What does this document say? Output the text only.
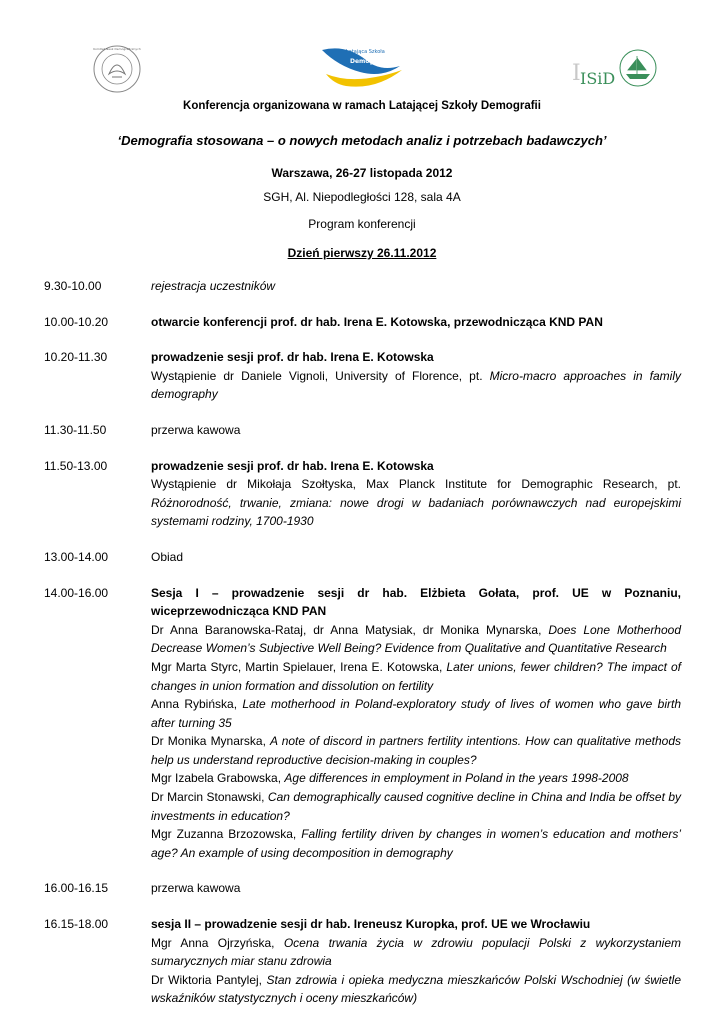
Komitet Nauk Demograficznych	Latająca Szkoła
Demografii	I ISiD
Konferencja organizowana w ramach Latającej Szkoły Demografii
‘Demografia stosowana – o nowych metodach analiz i potrzebach badawczych’
Warszawa, 26-27 listopada 2012
SGH, Al. Niepodległości 128, sala 4A
Program konferencji
Dzień pierwszy 26.11.2012
9.30-10.00	rejestracja uczestników
10.00-10.20	otwarcie konferencji prof. dr hab. Irena E. Kotowska, przewodnicząca KND PAN
10.20-11.30	prowadzenie sesji prof. dr hab. Irena E. Kotowska

Wystąpienie dr Daniele Vignoli, University of Florence, pt. Micro-macro approaches in family demography

11.30-11.50	przerwa kawowa
11.50-13.00	prowadzenie sesji prof. dr hab. Irena E. Kotowska

Wystąpienie dr Mikołaja Szołtyska, Max Planck Institute for Demographic Research, pt. Różnorodność, trwanie, zmiana: nowe drogi w badaniach porównawczych nad europejskimi systemami rodziny, 1700-1930

13.00-14.00	Obiad
14.00-16.00	Sesja I – prowadzenie sesji dr hab. Elżbieta Gołata, prof. UE w Poznaniu, wiceprzewodnicząca KND PAN

Dr Anna Baranowska-Rataj, dr Anna Matysiak, dr Monika Mynarska, Does Lone Motherhood Decrease Women’s Subjective Well Being? Evidence from Qualitative and Quantitative Research

Mgr Marta Styrc, Martin Spielauer, Irena E. Kotowska, Later unions, fewer children? The impact of changes in union formation and dissolution on fertility

Anna Rybińska, Late motherhood in Poland-exploratory study of lives of women who gave birth after turning 35

Dr Monika Mynarska, A note of discord in partners fertility intentions. How can qualitative methods help us understand reproductive decision-making in couples?

Mgr Izabela Grabowska, Age differences in employment in Poland in the years 1998-2008

Dr Marcin Stonawski, Can demographically caused cognitive decline in China and India be offset by investments in education?

Mgr Zuzanna Brzozowska, Falling fertility driven by changes in women’s education and mothers’ age? An example of using decomposition in demography

16.00-16.15	przerwa kawowa
16.15-18.00	sesja II – prowadzenie sesji dr hab. Ireneusz Kuropka, prof. UE we Wrocławiu

Mgr Anna Ojrzyńska, Ocena trwania życia w zdrowiu populacji Polski z wykorzystaniem sumarycznych miar stanu zdrowia

Dr Wiktoria Pantylej, Stan zdrowia i opieka medyczna mieszkańców Polski Wschodniej (w świetle wskaźników statystycznych i oceny mieszkańców)
